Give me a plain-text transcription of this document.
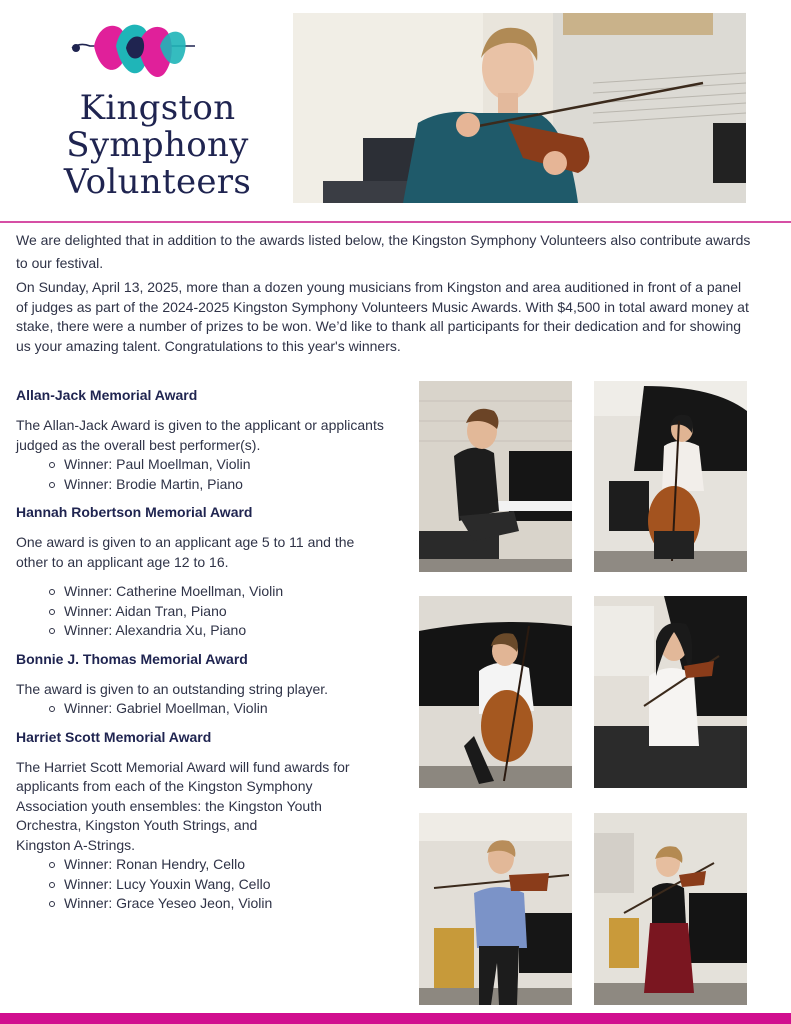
Kingston
Symphony
Volunteers

We are delighted that in addition to the awards listed below, the Kingston Symphony Volunteers also contribute awards to our festival.

On Sunday, April 13, 2025, more than a dozen young musicians from Kingston and area auditioned in front of a panel of judges as part of the 2024-2025 Kingston Symphony Volunteers Music Awards. With $4,500 in total award money at stake, there were a number of prizes to be won. We’d like to thank all participants for their dedication and for showing us your amazing talent. Congratulations to this year's winners.

Allan-Jack Memorial Award

The Allan-Jack Award is given to the applicant or applicants judged as the overall best performer(s).

Winner: Paul Moellman, Violin
Winner: Brodie Martin, Piano

Hannah Robertson Memorial Award

One award is given to an applicant age 5 to 11 and the other to an applicant age 12 to 16.

Winner: Catherine Moellman, Violin
Winner: Aidan Tran, Piano
Winner: Alexandria Xu, Piano

Bonnie J. Thomas Memorial Award

The award is given to an outstanding string player.

Winner: Gabriel Moellman, Violin

Harriet Scott Memorial Award

The Harriet Scott Memorial Award will fund awards for
applicants from each of the Kingston Symphony
Association youth ensembles: the Kingston Youth
Orchestra, Kingston Youth Strings, and
Kingston A-Strings.
Winner: Ronan Hendry, Cello
Winner: Lucy Youxin Wang, Cello
Winner: Grace Yeseo Jeon, Violin
